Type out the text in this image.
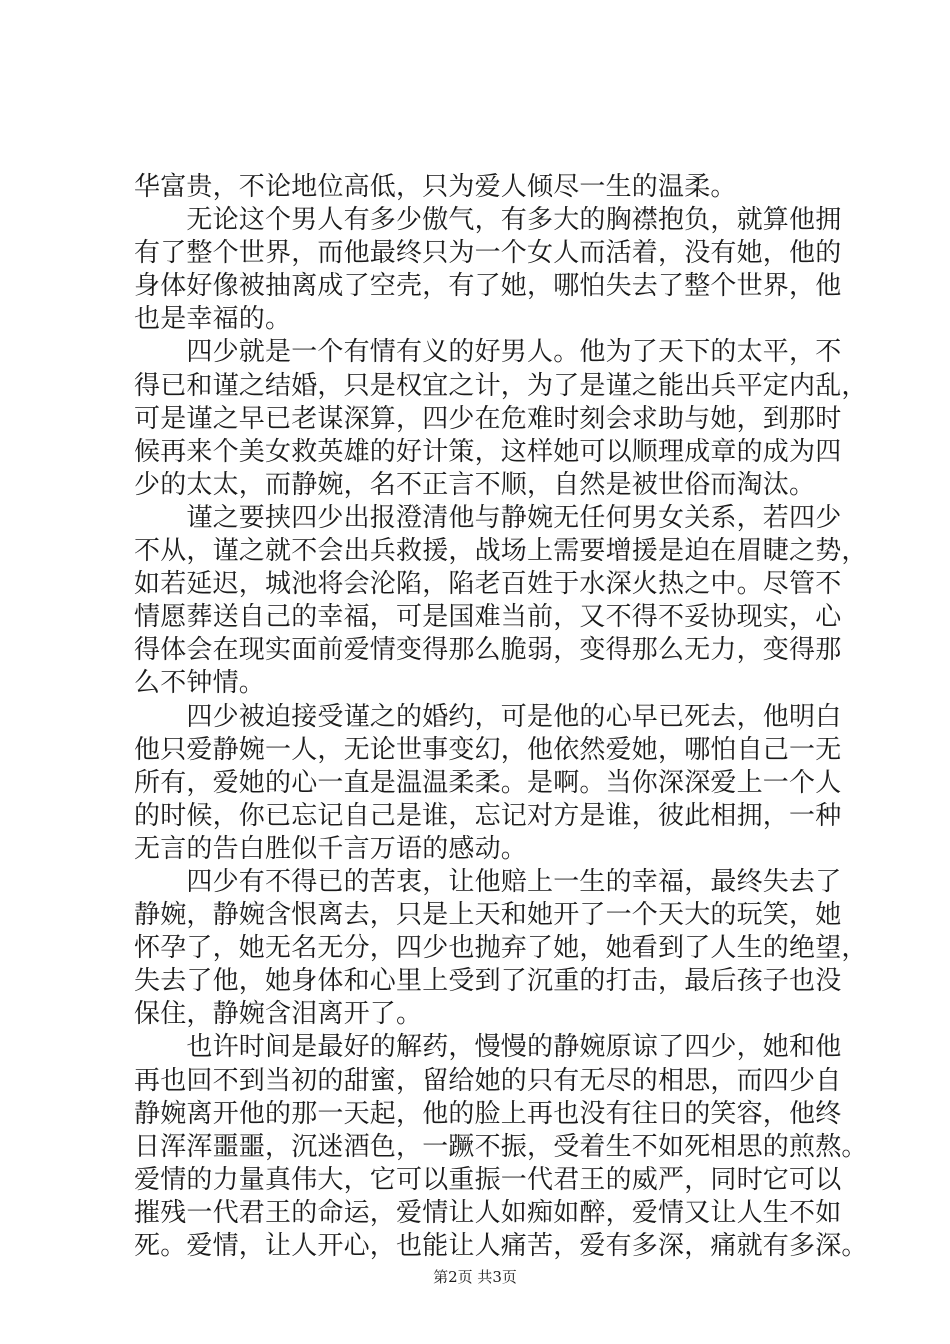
华富贵，不论地位高低，只为爱人倾尽一生的温柔。
　　无论这个男人有多少傲气，有多大的胸襟抱负，就算他拥
有了整个世界，而他最终只为一个女人而活着，没有她，他的
身体好像被抽离成了空壳，有了她，哪怕失去了整个世界，他
也是幸福的。
　　四少就是一个有情有义的好男人。他为了天下的太平，不
得已和谨之结婚，只是权宜之计，为了是谨之能出兵平定内乱，
可是谨之早已老谋深算，四少在危难时刻会求助与她，到那时
候再来个美女救英雄的好计策，这样她可以顺理成章的成为四
少的太太，而静婉，名不正言不顺，自然是被世俗而淘汰。
　　谨之要挟四少出报澄清他与静婉无任何男女关系，若四少
不从，谨之就不会出兵救援，战场上需要增援是迫在眉睫之势，
如若延迟，城池将会沦陷，陷老百姓于水深火热之中。尽管不
情愿葬送自己的幸福，可是国难当前，又不得不妥协现实，心
得体会在现实面前爱情变得那么脆弱，变得那么无力，变得那
么不钟情。
　　四少被迫接受谨之的婚约，可是他的心早已死去，他明白
他只爱静婉一人，无论世事变幻，他依然爱她，哪怕自己一无
所有，爱她的心一直是温温柔柔。是啊。当你深深爱上一个人
的时候，你已忘记自己是谁，忘记对方是谁，彼此相拥，一种
无言的告白胜似千言万语的感动。
　　四少有不得已的苦衷，让他赔上一生的幸福，最终失去了
静婉，静婉含恨离去，只是上天和她开了一个天大的玩笑，她
怀孕了，她无名无分，四少也抛弃了她，她看到了人生的绝望，
失去了他，她身体和心里上受到了沉重的打击，最后孩子也没
保住，静婉含泪离开了。
　　也许时间是最好的解药，慢慢的静婉原谅了四少，她和他
再也回不到当初的甜蜜，留给她的只有无尽的相思，而四少自
静婉离开他的那一天起，他的脸上再也没有往日的笑容，他终
日浑浑噩噩，沉迷酒色，一蹶不振，受着生不如死相思的煎熬。
爱情的力量真伟大，它可以重振一代君王的威严，同时它可以
摧残一代君王的命运，爱情让人如痴如醉，爱情又让人生不如
死。爱情，让人开心，也能让人痛苦，爱有多深，痛就有多深。
第2页 共3页
